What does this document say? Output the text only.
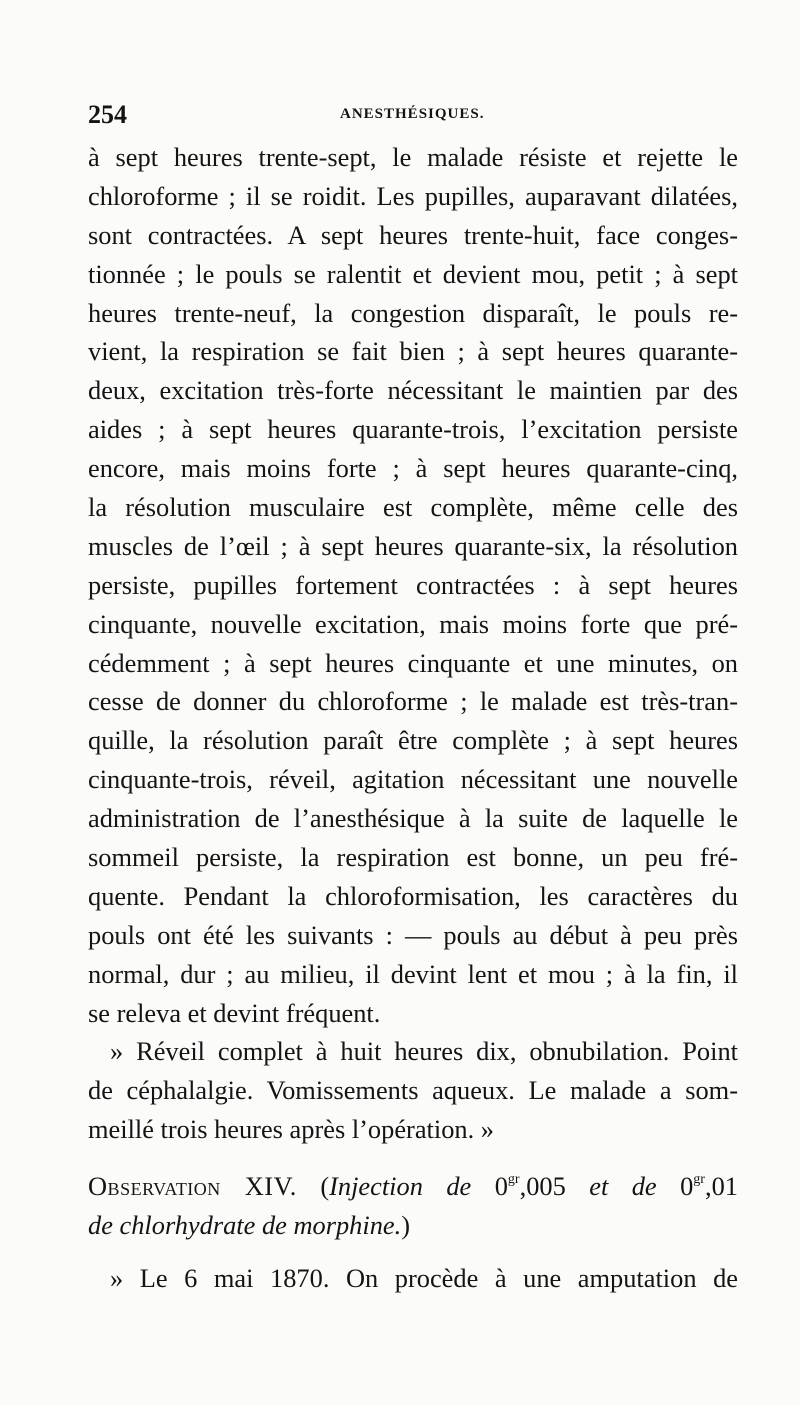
254	ANESTHÉSIQUES.
à sept heures trente-sept, le malade résiste et rejette le
chloroforme ; il se roidit. Les pupilles, auparavant dilatées,
sont contractées. A sept heures trente-huit, face conges-
tionnée ; le pouls se ralentit et devient mou, petit ; à sept
heures trente-neuf, la congestion disparaît, le pouls re-
vient, la respiration se fait bien ; à sept heures quarante-
deux, excitation très-forte nécessitant le maintien par des
aides ; à sept heures quarante-trois, l’excitation persiste
encore, mais moins forte ; à sept heures quarante-cinq,
la résolution musculaire est complète, même celle des
muscles de l’œil ; à sept heures quarante-six, la résolution
persiste, pupilles fortement contractées : à sept heures
cinquante, nouvelle excitation, mais moins forte que pré-
cédemment ; à sept heures cinquante et une minutes, on
cesse de donner du chloroforme ; le malade est très-tran-
quille, la résolution paraît être complète ; à sept heures
cinquante-trois, réveil, agitation nécessitant une nouvelle
administration de l’anesthésique à la suite de laquelle le
sommeil persiste, la respiration est bonne, un peu fré-
quente. Pendant la chloroformisation, les caractères du
pouls ont été les suivants : — pouls au début à peu près
normal, dur ; au milieu, il devint lent et mou ; à la fin, il
se releva et devint fréquent.
» Réveil complet à huit heures dix, obnubilation. Point
de céphalalgie. Vomissements aqueux. Le malade a som-
meillé trois heures après l’opération. »
Observation XIV. (Injection de $0^{gr},005$ et de $0^{gr},01$
de chlorhydrate de morphine.)
» Le 6 mai 1870. On procède à une amputation de
